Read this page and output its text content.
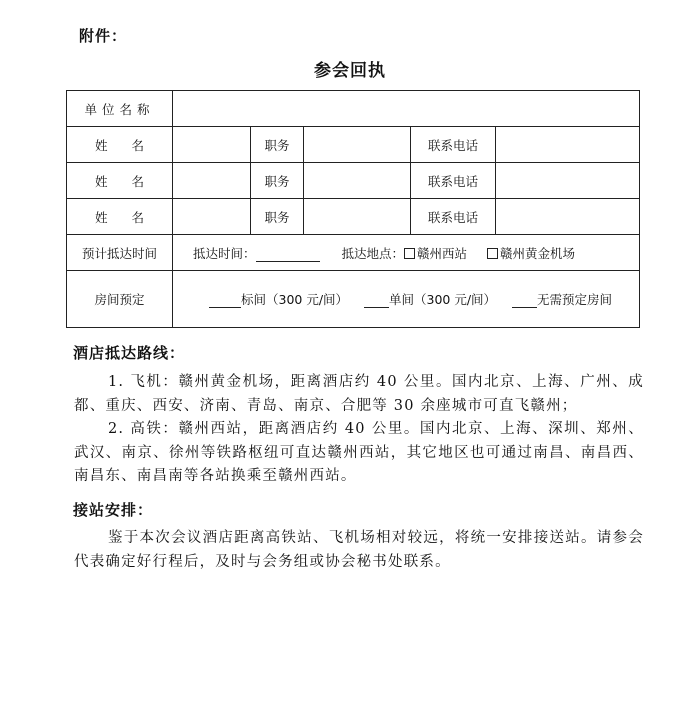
附件：
参会回执
单位名称					
姓 名		职务		联系电话	
姓 名		职务		联系电话	
姓 名		职务		联系电话	
预计抵达时间	抵达时间： 抵达地点： 赣州西站 赣州黄金机场				
房间预定	标间（300 元/间） 单间（300 元/间） 无需预定房间				
酒店抵达路线：
1. 飞机：赣州黄金机场，距离酒店约 40 公里。国内北京、上海、广州、成都、重庆、西安、济南、青岛、南京、合肥等 30 余座城市可直飞赣州；
2. 高铁：赣州西站，距离酒店约 40 公里。国内北京、上海、深圳、郑州、武汉、南京、徐州等铁路枢纽可直达赣州西站，其它地区也可通过南昌、南昌西、南昌东、南昌南等各站换乘至赣州西站。
接站安排：
鉴于本次会议酒店距离高铁站、飞机场相对较远，将统一安排接送站。请参会代表确定好行程后，及时与会务组或协会秘书处联系。
